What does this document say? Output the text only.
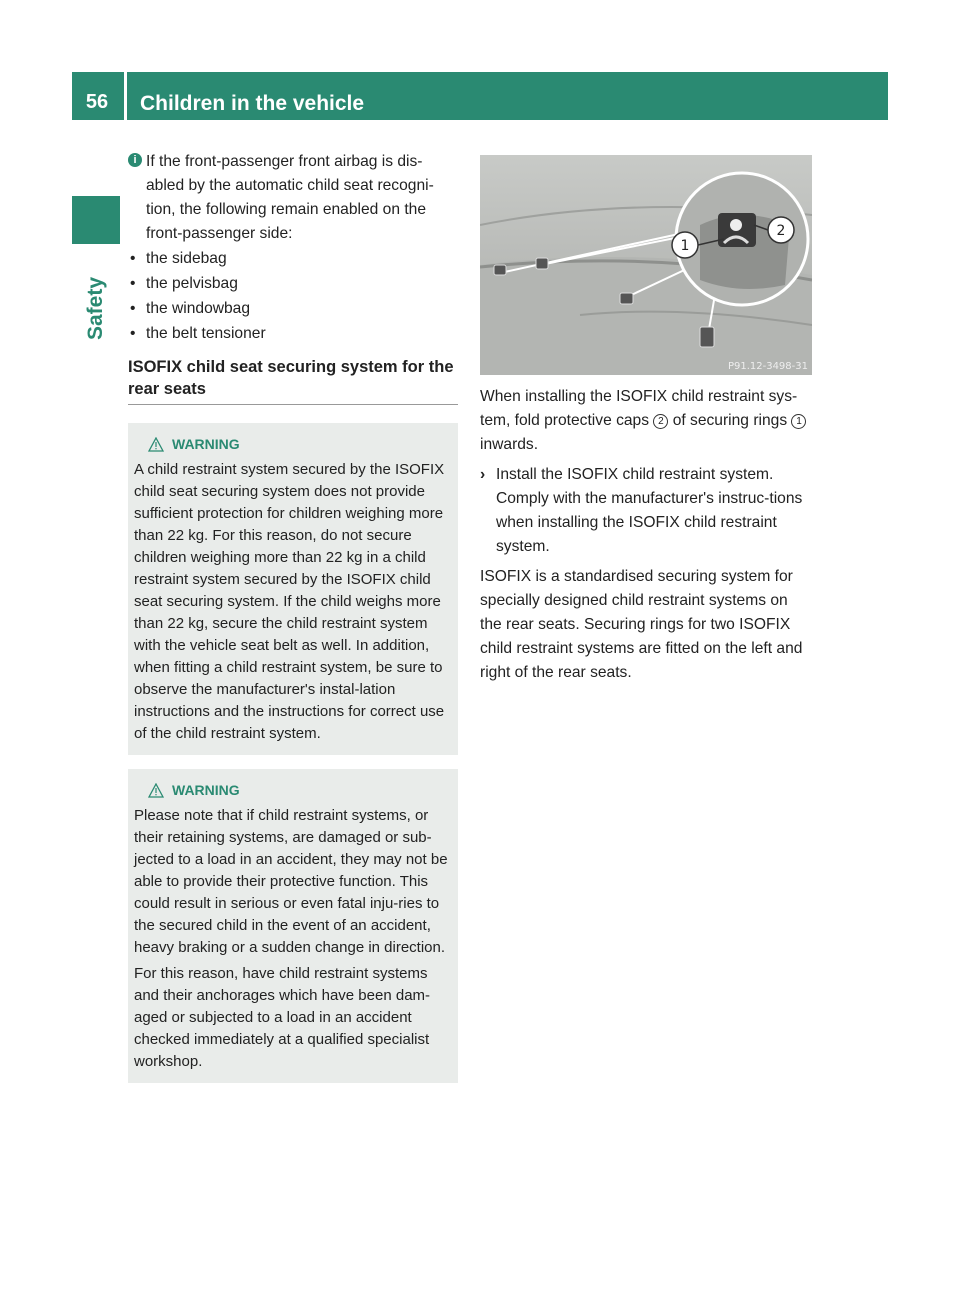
56	Children in the vehicle
Safety
i If the front-passenger front airbag is dis-abled by the automatic child seat recogni-tion, the following remain enabled on the front-passenger side:

• the sidebag
• the pelvisbag
• the windowbag
• the belt tensioner
ISOFIX child seat securing system for the rear seats
WARNING

A child restraint system secured by the ISOFIX child seat securing system does not provide sufficient protection for children weighing more than 22 kg. For this reason, do not secure children weighing more than 22 kg in a child restraint system secured by the ISOFIX child seat securing system. If the child weighs more than 22 kg, secure the child restraint system with the vehicle seat belt as well. In addition, when fitting a child restraint system, be sure to observe the manufacturer's instal-lation instructions and the instructions for correct use of the child restraint system.

WARNING

Please note that if child restraint systems, or their retaining systems, are damaged or sub-jected to a load in an accident, they may not be able to provide their protective function. This could result in serious or even fatal inju-ries to the secured child in the event of an accident, heavy braking or a sudden change in direction.

For this reason, have child restraint systems and their anchorages which have been dam-aged or subjected to a load in an accident checked immediately at a qualified specialist workshop.

1
2
P91.12-3498-31

When installing the ISOFIX child restraint sys-tem, fold protective caps 2 of securing rings 1 inwards.

› Install the ISOFIX child restraint system. Comply with the manufacturer's instruc-tions when installing the ISOFIX child restraint system.

ISOFIX is a standardised securing system for specially designed child restraint systems on the rear seats. Securing rings for two ISOFIX child restraint systems are fitted on the left and right of the rear seats.
